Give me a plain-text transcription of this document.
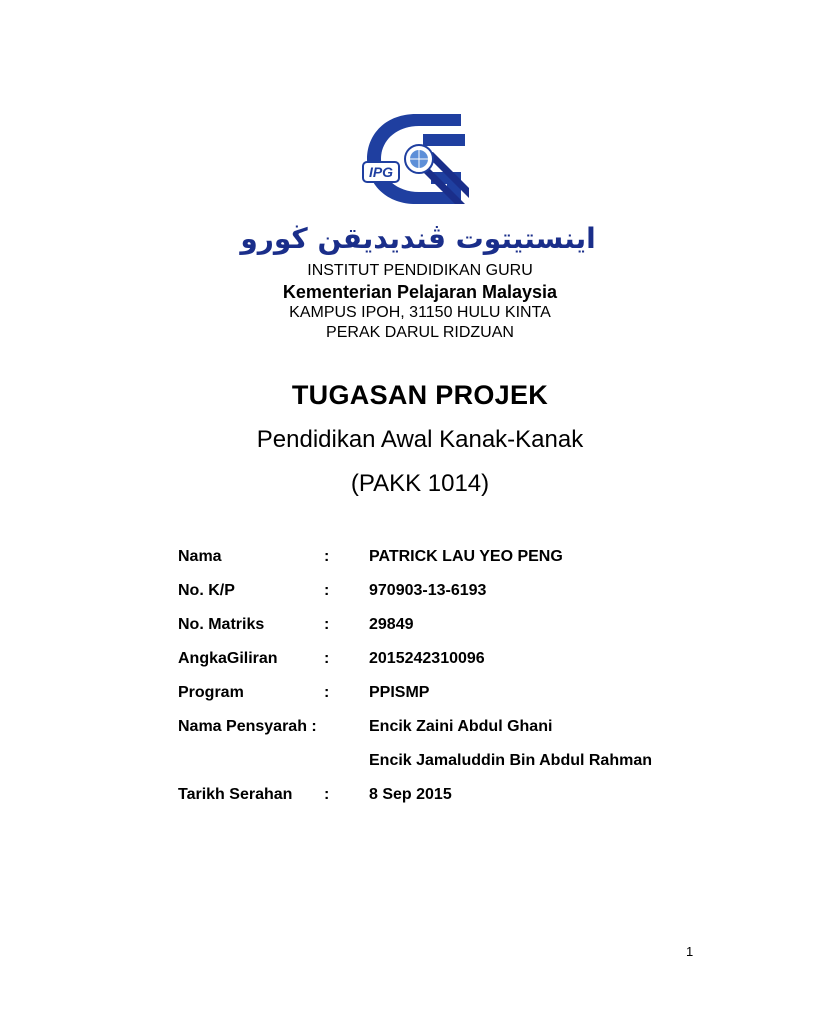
IPG
اينستيتوت ڤنديديقن ڬورو
INSTITUT PENDIDIKAN GURU
Kementerian Pelajaran Malaysia
KAMPUS IPOH, 31150 HULU KINTA
PERAK DARUL RIDZUAN
TUGASAN PROJEK
Pendidikan Awal Kanak-Kanak
(PAKK 1014)
Nama	: PATRICK LAU YEO PENG
No. K/P	: 970903-13-6193
No. Matriks	: 29849
AngkaGiliran	: 2015242310096
Program	: PPISMP
Nama Pensyarah :	Encik Zaini Abdul Ghani
Encik Jamaluddin Bin Abdul Rahman
Tarikh Serahan : 8 Sep 2015
1
